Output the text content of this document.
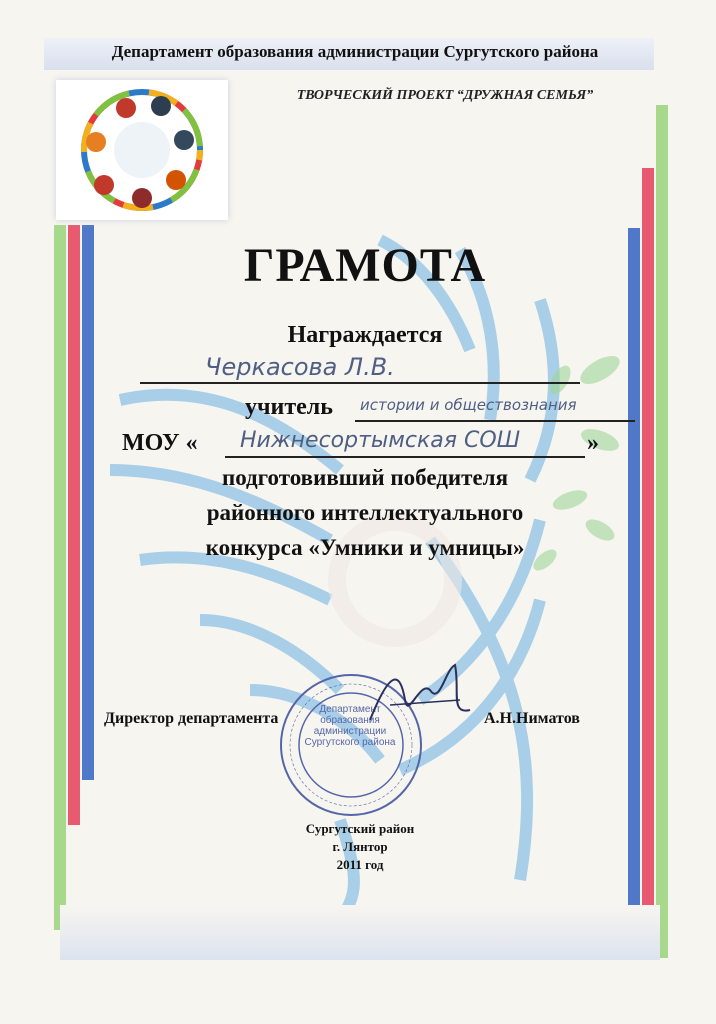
Департамент образования администрации Сургутского района
ТВОРЧЕСКИЙ ПРОЕКТ “ДРУЖНАЯ СЕМЬЯ”
ГРАМОТА
Награждается
Черкасова Л.В.
учитель истории и обществознания
МОУ « Нижнесортымская СОШ	»
подготовивший победителя
районного интеллектуального
конкурса «Умники и умницы»
Департамент образования администрации Сургутского района
Директор департамента	А.Н.Ниматов
Сургутский район
г. Лянтор
2011 год
